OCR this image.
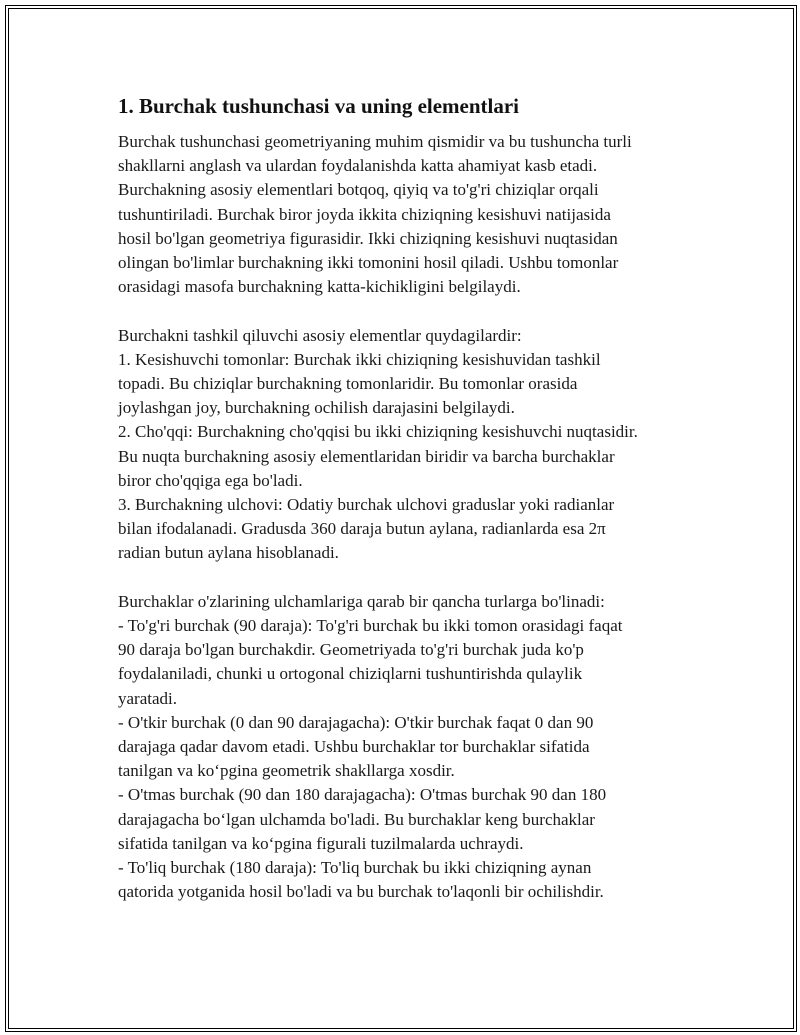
1. Burchak tushunchasi va uning elementlari
Burchak tushunchasi geometriyaning muhim qismidir va bu tushuncha turli
shakllarni anglash va ulardan foydalanishda katta ahamiyat kasb etadi.
Burchakning asosiy elementlari botqoq, qiyiq va to'g'ri chiziqlar orqali
tushuntiriladi. Burchak biror joyda ikkita chiziqning kesishuvi natijasida
hosil bo'lgan geometriya figurasidir. Ikki chiziqning kesishuvi nuqtasidan
olingan bo'limlar burchakning ikki tomonini hosil qiladi. Ushbu tomonlar
orasidagi masofa burchakning katta-kichikligini belgilaydi.
Burchakni tashkil qiluvchi asosiy elementlar quydagilardir:
1. Kesishuvchi tomonlar: Burchak ikki chiziqning kesishuvidan tashkil
topadi. Bu chiziqlar burchakning tomonlaridir. Bu tomonlar orasida
joylashgan joy, burchakning ochilish darajasini belgilaydi.
2. Cho'qqi: Burchakning cho'qqisi bu ikki chiziqning kesishuvchi nuqtasidir.
Bu nuqta burchakning asosiy elementlaridan biridir va barcha burchaklar
biror cho'qqiga ega bo'ladi.
3. Burchakning ulchovi: Odatiy burchak ulchovi graduslar yoki radianlar
bilan ifodalanadi. Gradusda 360 daraja butun aylana, radianlarda esa 2π
radian butun aylana hisoblanadi.
Burchaklar o'zlarining ulchamlariga qarab bir qancha turlarga bo'linadi:
- To'g'ri burchak (90 daraja): To'g'ri burchak bu ikki tomon orasidagi faqat
90 daraja bo'lgan burchakdir. Geometriyada to'g'ri burchak juda ko'p
foydalaniladi, chunki u ortogonal chiziqlarni tushuntirishda qulaylik
yaratadi.
- O'tkir burchak (0 dan 90 darajagacha): O'tkir burchak faqat 0 dan 90
darajaga qadar davom etadi. Ushbu burchaklar tor burchaklar sifatida
tanilgan va koʻpgina geometrik shakllarga xosdir.
- O'tmas burchak (90 dan 180 darajagacha): O'tmas burchak 90 dan 180
darajagacha boʻlgan ulchamda bo'ladi. Bu burchaklar keng burchaklar
sifatida tanilgan va koʻpgina figurali tuzilmalarda uchraydi.
- To'liq burchak (180 daraja): To'liq burchak bu ikki chiziqning aynan
qatorida yotganida hosil bo'ladi va bu burchak to'laqonli bir ochilishdir.
